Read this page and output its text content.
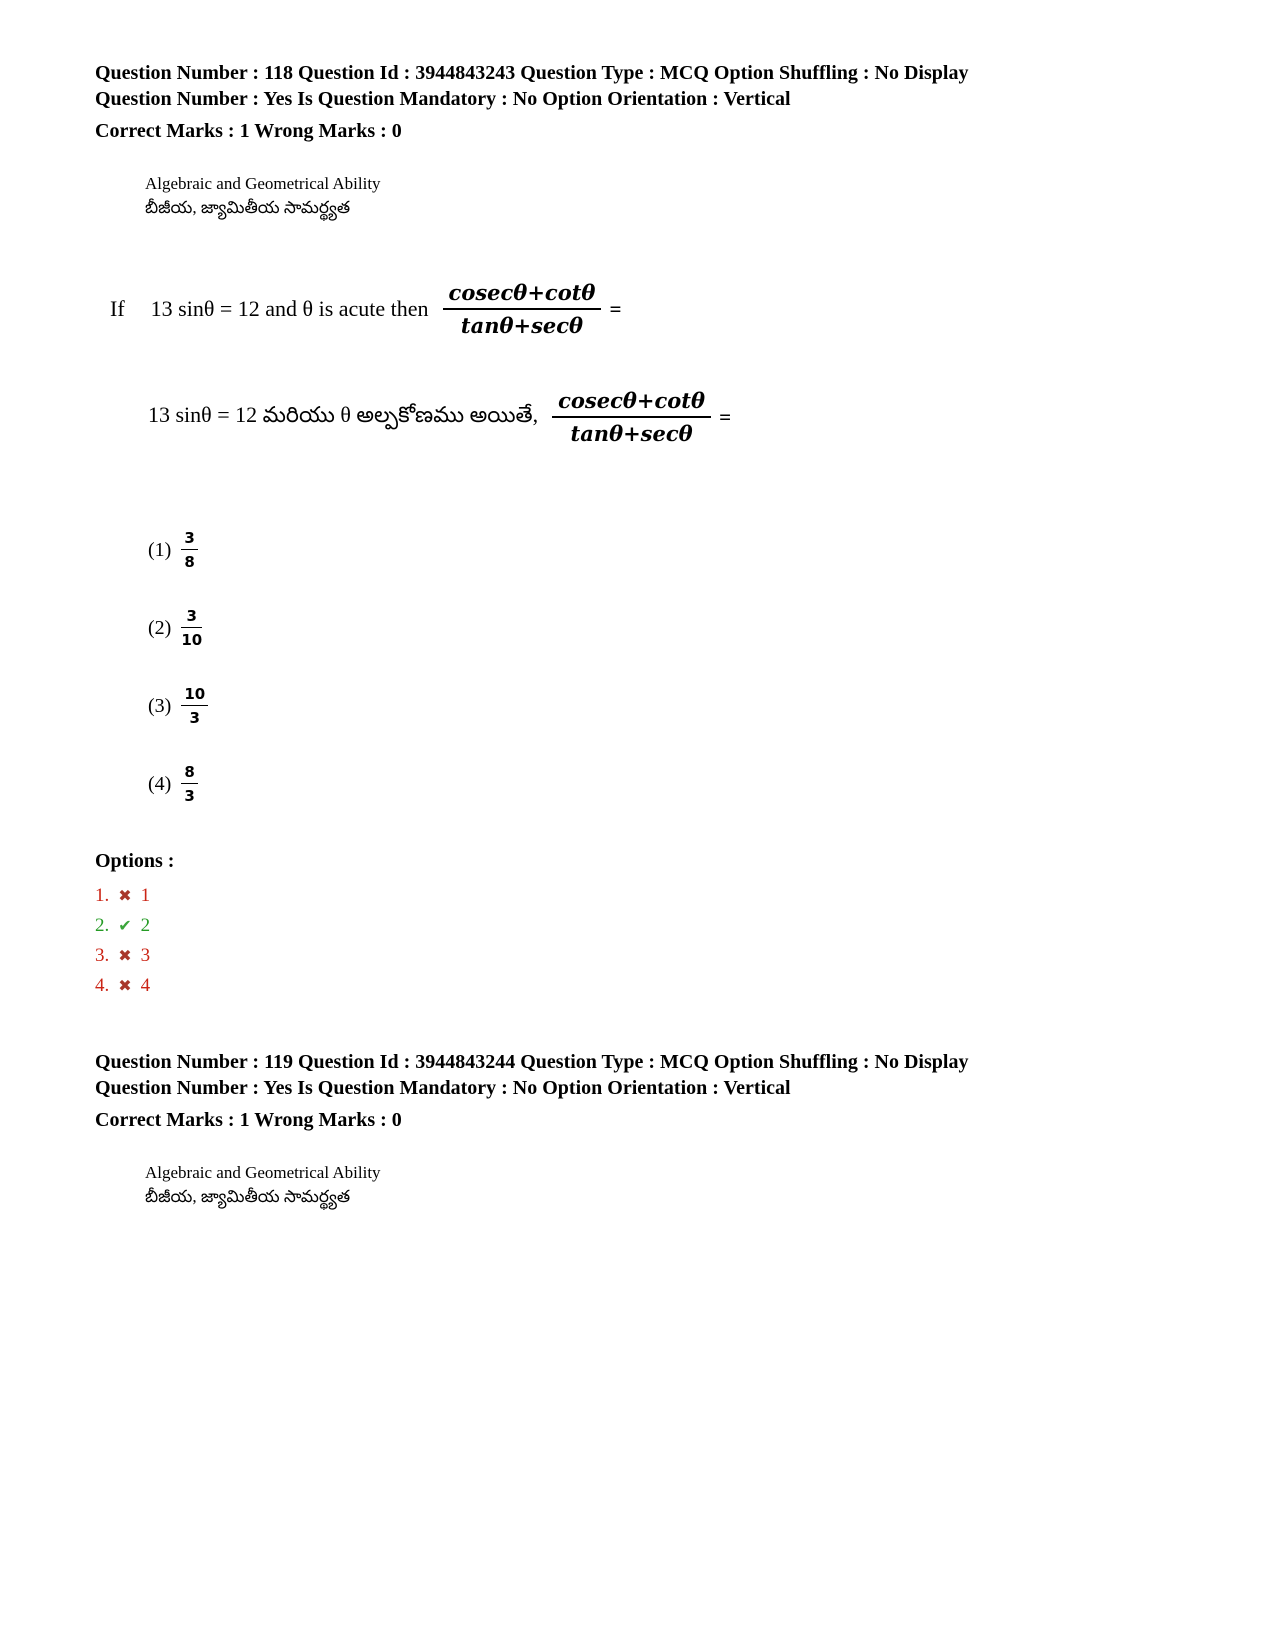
Question Number : 118 Question Id : 3944843243 Question Type : MCQ Option Shuffling : No Display
Question Number : Yes Is Question Mandatory : No Option Orientation : Vertical
Correct Marks : 1 Wrong Marks : 0
Algebraic and Geometrical Ability
బీజీయ, జ్యామితీయ సామర్థ్యత
If 13 sinθ = 12 and θ is acute then $\frac{cosec\theta+\cot\theta}{\tan\theta+\sec\theta}$ =
13 sinθ = 12 మరియు θ అల్పకోణము అయితే, $\frac{cosec\theta+\cot\theta}{\tan\theta+\sec\theta}$ =
$(1) \frac{3}{8}$
$(2) \frac{3}{10}$
$(3) \frac{10}{3}$
$(4) \frac{8}{3}$
Options :
1. ✖ 1
2. ✔ 2
3. ✖ 3
4. ✖ 4
Question Number : 119 Question Id : 3944843244 Question Type : MCQ Option Shuffling : No Display
Question Number : Yes Is Question Mandatory : No Option Orientation : Vertical
Correct Marks : 1 Wrong Marks : 0
Algebraic and Geometrical Ability
బీజీయ, జ్యామితీయ సామర్థ్యత
